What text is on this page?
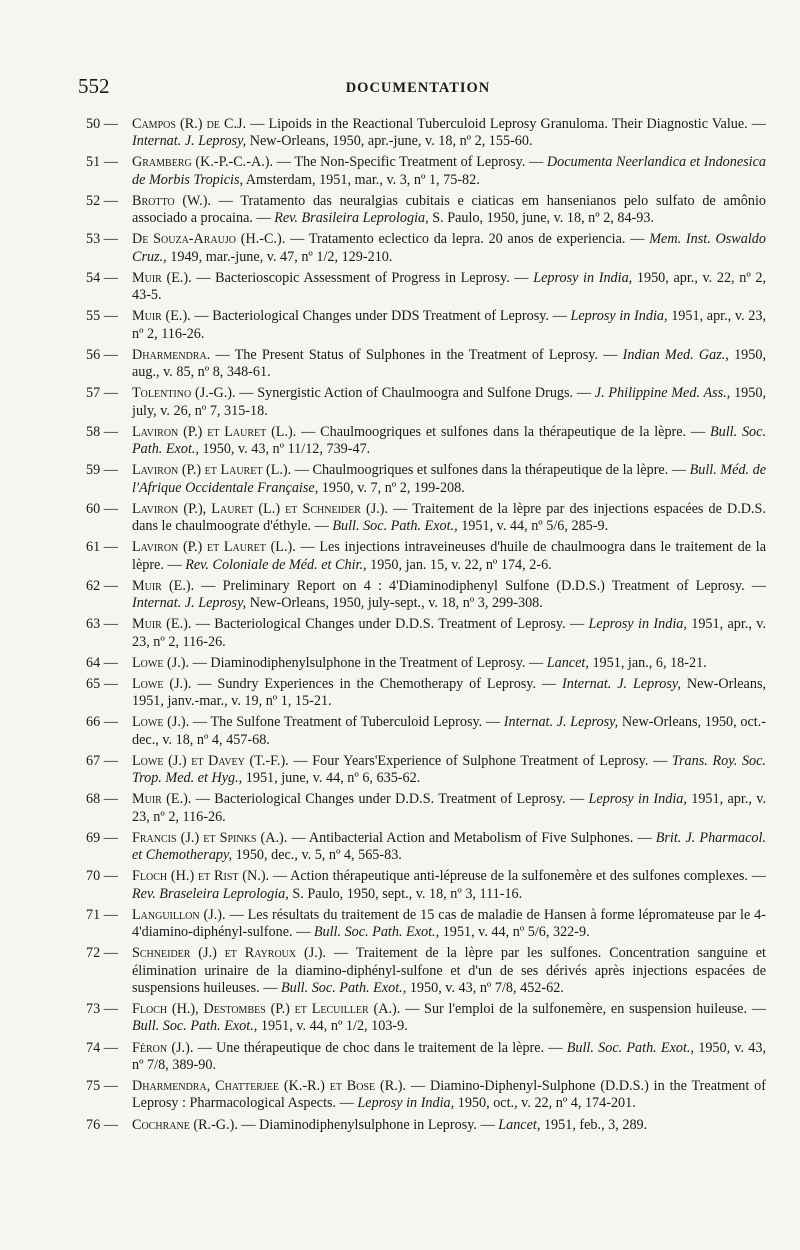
552	DOCUMENTATION
50 — Campos (R.) de C.J. — Lipoids in the Reactional Tuberculoid Leprosy Granuloma. Their Diagnostic Value. — Internat. J. Leprosy, New-Orleans, 1950, apr.-june, v. 18, nº 2, 155-60.
51 — Gramberg (K.-P.-C.-A.). — The Non-Specific Treatment of Leprosy. — Documenta Neerlandica et Indonesica de Morbis Tropicis, Amsterdam, 1951, mar., v. 3, nº 1, 75-82.
52 — Brotto (W.). — Tratamento das neuralgias cubitais e ciaticas em hansenianos pelo sulfato de amônio associado a procaina. — Rev. Brasileira Leprologia, S. Paulo, 1950, june, v. 18, nº 2, 84-93.
53 — De Souza-Araujo (H.-C.). — Tratamento eclectico da lepra. 20 anos de experiencia. — Mem. Inst. Oswaldo Cruz., 1949, mar.-june, v. 47, nº 1/2, 129-210.
54 — Muir (E.). — Bacterioscopic Assessment of Progress in Leprosy. — Leprosy in India, 1950, apr., v. 22, nº 2, 43-5.
55 — Muir (E.). — Bacteriological Changes under DDS Treatment of Leprosy. — Leprosy in India, 1951, apr., v. 23, nº 2, 116-26.
56 — Dharmendra. — The Present Status of Sulphones in the Treatment of Leprosy. — Indian Med. Gaz., 1950, aug., v. 85, nº 8, 348-61.
57 — Tolentino (J.-G.). — Synergistic Action of Chaulmoogra and Sulfone Drugs. — J. Philippine Med. Ass., 1950, july, v. 26, nº 7, 315-18.
58 — Laviron (P.) et Lauret (L.). — Chaulmoogriques et sulfones dans la thérapeutique de la lèpre. — Bull. Soc. Path. Exot., 1950, v. 43, nº 11/12, 739-47.
59 — Laviron (P.) et Lauret (L.). — Chaulmoogriques et sulfones dans la thérapeutique de la lèpre. — Bull. Méd. de l'Afrique Occidentale Française, 1950, v. 7, nº 2, 199-208.
60 — Laviron (P.), Lauret (L.) et Schneider (J.). — Traitement de la lèpre par des injections espacées de D.D.S. dans le chaulmoograte d'éthyle. — Bull. Soc. Path. Exot., 1951, v. 44, nº 5/6, 285-9.
61 — Laviron (P.) et Lauret (L.). — Les injections intraveineuses d'huile de chaulmoogra dans le traitement de la lèpre. — Rev. Coloniale de Méd. et Chir., 1950, jan. 15, v. 22, nº 174, 2-6.
62 — Muir (E.). — Preliminary Report on 4 : 4'Diaminodiphenyl Sulfone (D.D.S.) Treatment of Leprosy. — Internat. J. Leprosy, New-Orleans, 1950, july-sept., v. 18, nº 3, 299-308.
63 — Muir (E.). — Bacteriological Changes under D.D.S. Treatment of Leprosy. — Leprosy in India, 1951, apr., v. 23, nº 2, 116-26.
64 — Lowe (J.). — Diaminodiphenylsulphone in the Treatment of Leprosy. — Lancet, 1951, jan., 6, 18-21.
65 — Lowe (J.). — Sundry Experiences in the Chemotherapy of Leprosy. — Internat. J. Leprosy, New-Orleans, 1951, janv.-mar., v. 19, nº 1, 15-21.
66 — Lowe (J.). — The Sulfone Treatment of Tuberculoid Leprosy. — Internat. J. Leprosy, New-Orleans, 1950, oct.-dec., v. 18, nº 4, 457-68.
67 — Lowe (J.) et Davey (T.-F.). — Four Years'Experience of Sulphone Treatment of Leprosy. — Trans. Roy. Soc. Trop. Med. et Hyg., 1951, june, v. 44, nº 6, 635-62.
68 — Muir (E.). — Bacteriological Changes under D.D.S. Treatment of Leprosy. — Leprosy in India, 1951, apr., v. 23, nº 2, 116-26.
69 — Francis (J.) et Spinks (A.). — Antibacterial Action and Metabolism of Five Sulphones. — Brit. J. Pharmacol. et Chemotherapy, 1950, dec., v. 5, nº 4, 565-83.
70 — Floch (H.) et Rist (N.). — Action thérapeutique anti-lépreuse de la sulfonemère et des sulfones complexes. — Rev. Braseleira Leprologia, S. Paulo, 1950, sept., v. 18, nº 3, 111-16.
71 — Languillon (J.). — Les résultats du traitement de 15 cas de maladie de Hansen à forme lépromateuse par le 4-4'diamino-diphényl-sulfone. — Bull. Soc. Path. Exot., 1951, v. 44, nº 5/6, 322-9.
72 — Schneider (J.) et Rayroux (J.). — Traitement de la lèpre par les sulfones. Concentration sanguine et élimination urinaire de la diamino-diphényl-sulfone et d'un de ses dérivés après injections espacées de suspensions huileuses. — Bull. Soc. Path. Exot., 1950, v. 43, nº 7/8, 452-62.
73 — Floch (H.), Destombes (P.) et Lecuiller (A.). — Sur l'emploi de la sulfonemère, en suspension huileuse. — Bull. Soc. Path. Exot., 1951, v. 44, nº 1/2, 103-9.
74 — Féron (J.). — Une thérapeutique de choc dans le traitement de la lèpre. — Bull. Soc. Path. Exot., 1950, v. 43, nº 7/8, 389-90.
75 — Dharmendra, Chatterjee (K.-R.) et Bose (R.). — Diamino-Diphenyl-Sulphone (D.D.S.) in the Treatment of Leprosy : Pharmacological Aspects. — Leprosy in India, 1950, oct., v. 22, nº 4, 174-201.
76 — Cochrane (R.-G.). — Diaminodiphenylsulphone in Leprosy. — Lancet, 1951, feb., 3, 289.
